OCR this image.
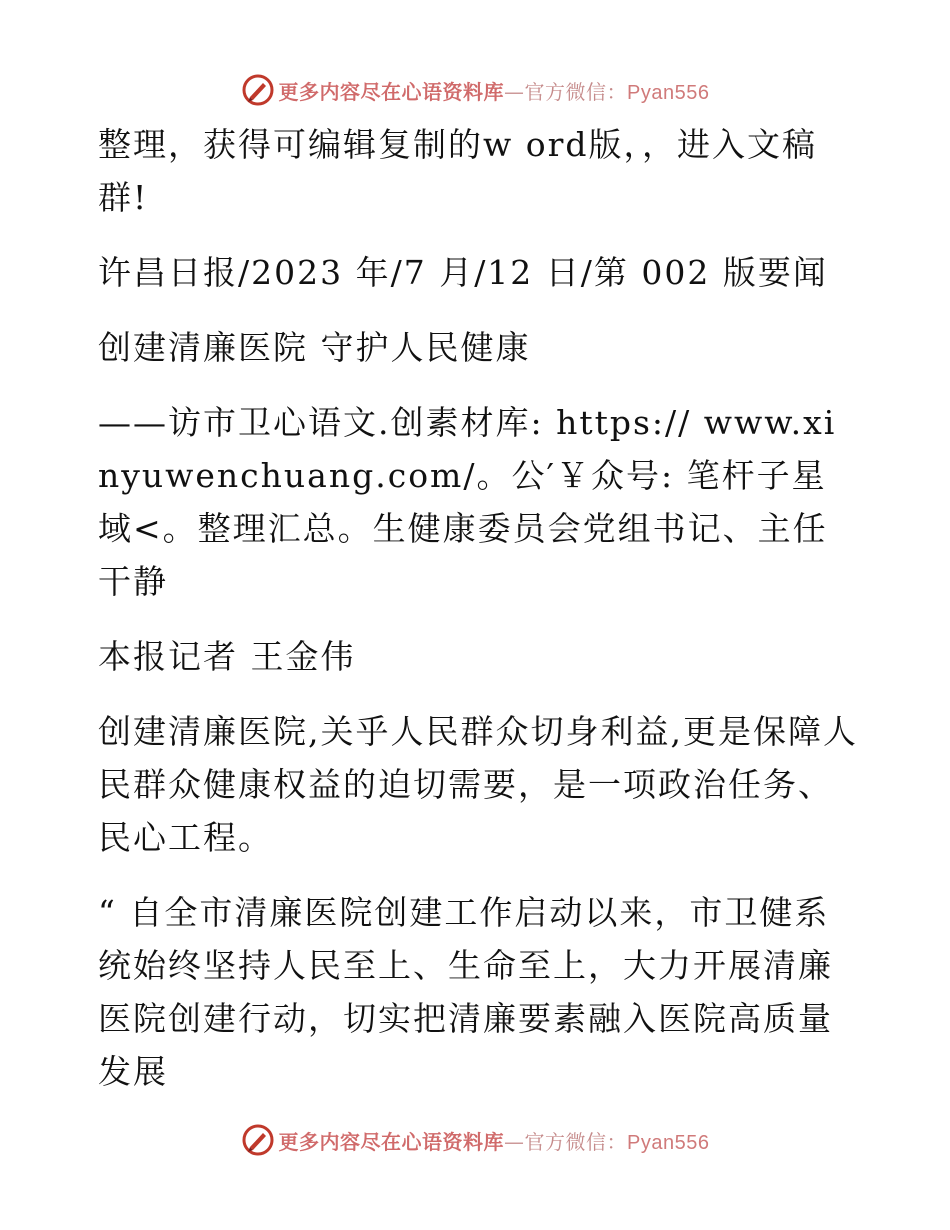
更多内容尽在心语资料库—官方微信：Pyan556

整理，获得可编辑复制的w ord版，，进入文稿群!

许昌日报/2023 年/7 月/12 日/第 002 版要闻

创建清廉医院 守护人民健康

——访市卫心语文.创素材库: https:// www.xinyuwenchuang.com/。公′￥众号: 笔杆子星域<。整理汇总。生健康委员会党组书记、主任干静

本报记者 王金伟

创建清廉医院,关乎人民群众切身利益,更是保障人民群众健康权益的迫切需要，是一项政治任务、民心工程。

“ 自全市清廉医院创建工作启动以来，市卫健系统始终坚持人民至上、生命至上，大力开展清廉医院创建行动，切实把清廉要素融入医院高质量发展

更多内容尽在心语资料库—官方微信：Pyan556
